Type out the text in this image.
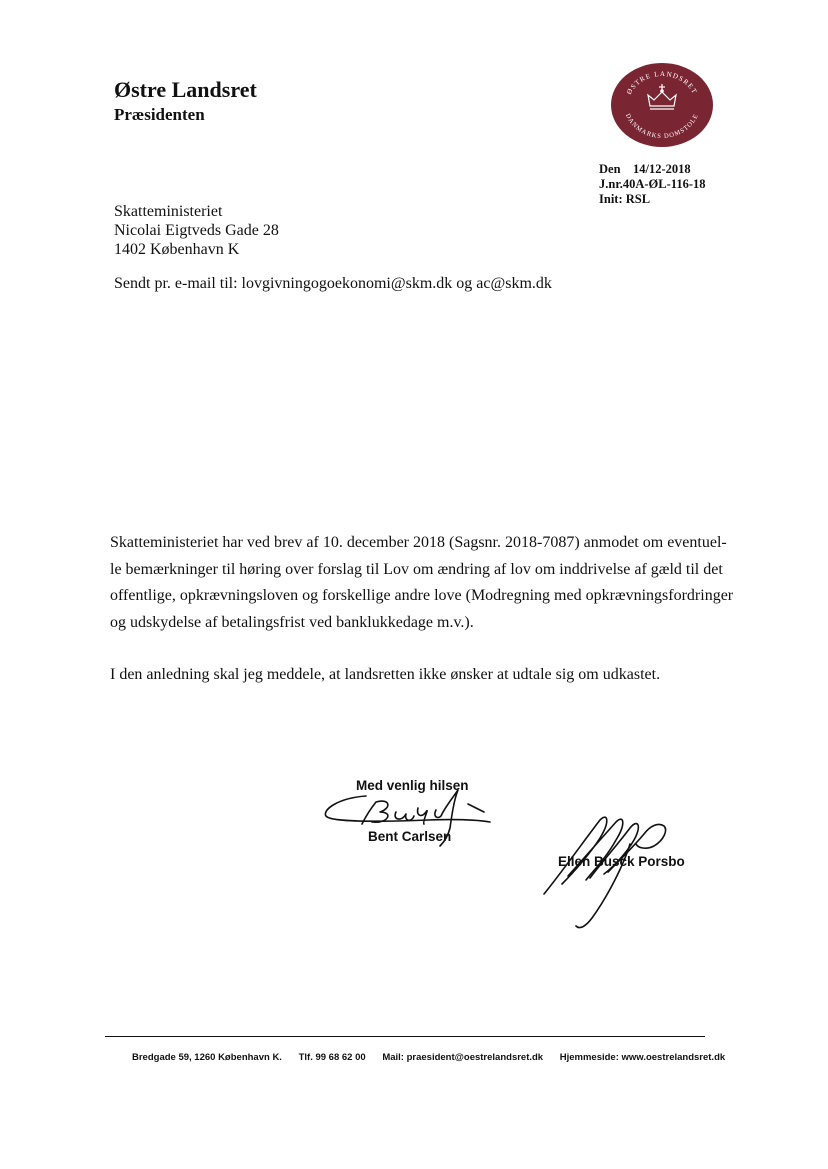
Østre Landsret
Præsidenten
ØSTRE LANDSRET
DANMARKS DOMSTOLE
Den    14/12-2018
J.nr.40A-ØL-116-18
Init: RSL
Skatteministeriet
Nicolai Eigtveds Gade 28
1402 København K
Sendt pr. e-mail til: lovgivningogoekonomi@skm.dk og ac@skm.dk
Skatteministeriet har ved brev af 10. december 2018 (Sagsnr. 2018-7087) anmodet om eventuel-
le bemærkninger til høring over forslag til Lov om ændring af lov om inddrivelse af gæld til det
offentlige, opkrævningsloven og forskellige andre love (Modregning med opkrævningsfordringer
og udskydelse af betalingsfrist ved banklukkedage m.v.).
I den anledning skal jeg meddele, at landsretten ikke ønsker at udtale sig om udkastet.
Med venlig hilsen
Bent Carlsen
Ellen Busck Porsbo
Bredgade 59, 1260 København K. Tlf. 99 68 62 00 Mail: praesident@oestrelandsret.dk Hjemmeside: www.oestrelandsret.dk
